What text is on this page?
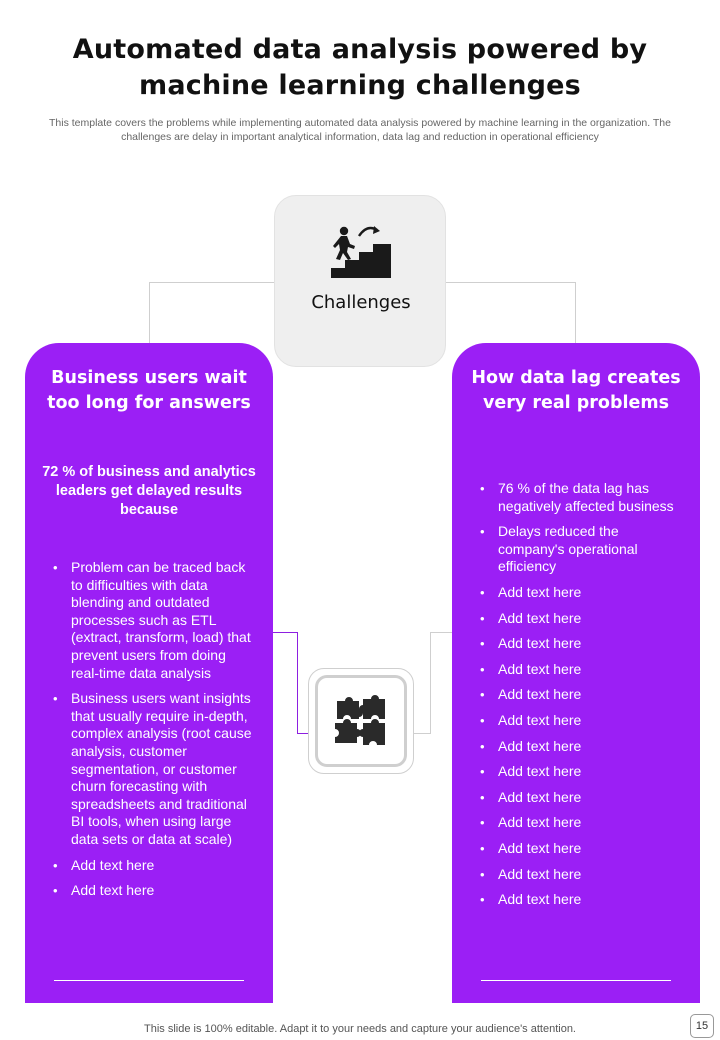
Automated data analysis powered by machine learning challenges
This template covers the problems while implementing automated data analysis powered by machine learning in the organization. The challenges are delay in important analytical information, data lag and reduction in operational efficiency
Challenges
Business users wait too long for answers
72 % of business and analytics leaders get delayed results because
• Problem can be traced back to difficulties with data blending and outdated processes such as ETL (extract, transform, load) that prevent users from doing real-time data analysis
• Business users want insights that usually require in-depth, complex analysis (root cause analysis, customer segmentation, or customer churn forecasting with spreadsheets and traditional BI tools, when using large data sets or data at scale)
• Add text here
• Add text here
How data lag creates very real problems
• 76 % of the data lag has negatively affected business
• Delays reduced the company's operational efficiency
• Add text here
• Add text here
• Add text here
• Add text here
• Add text here
• Add text here
• Add text here
• Add text here
• Add text here
• Add text here
• Add text here
• Add text here
• Add text here
This slide is 100% editable. Adapt it to your needs and capture your audience's attention.	15
